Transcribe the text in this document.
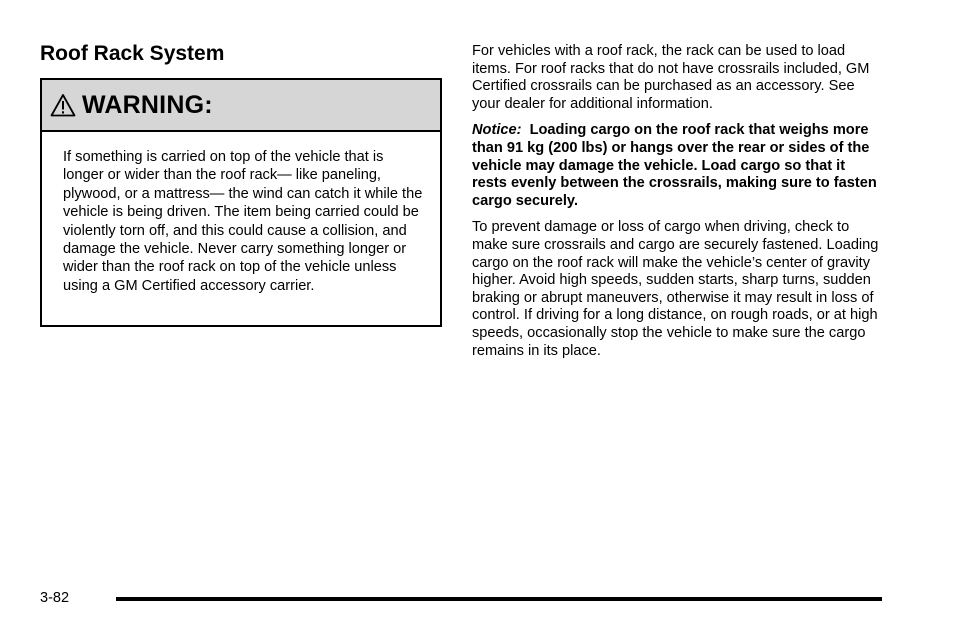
Roof Rack System
WARNING:

If something is carried on top of the vehicle that is longer or wider than the roof rack— like paneling, plywood, or a mattress— the wind can catch it while the vehicle is being driven. The item being carried could be violently torn off, and this could cause a collision, and damage the vehicle. Never carry something longer or wider than the roof rack on top of the vehicle unless using a GM Certified accessory carrier.

For vehicles with a roof rack, the rack can be used to load items. For roof racks that do not have crossrails included, GM Certified crossrails can be purchased as an accessory. See your dealer for additional information.

Notice: Loading cargo on the roof rack that weighs more than 91 kg (200 lbs) or hangs over the rear or sides of the vehicle may damage the vehicle. Load cargo so that it rests evenly between the crossrails, making sure to fasten cargo securely.

To prevent damage or loss of cargo when driving, check to make sure crossrails and cargo are securely fastened. Loading cargo on the roof rack will make the vehicle’s center of gravity higher. Avoid high speeds, sudden starts, sharp turns, sudden braking or abrupt maneuvers, otherwise it may result in loss of control. If driving for a long distance, on rough roads, or at high speeds, occasionally stop the vehicle to make sure the cargo remains in its place.

3-82
